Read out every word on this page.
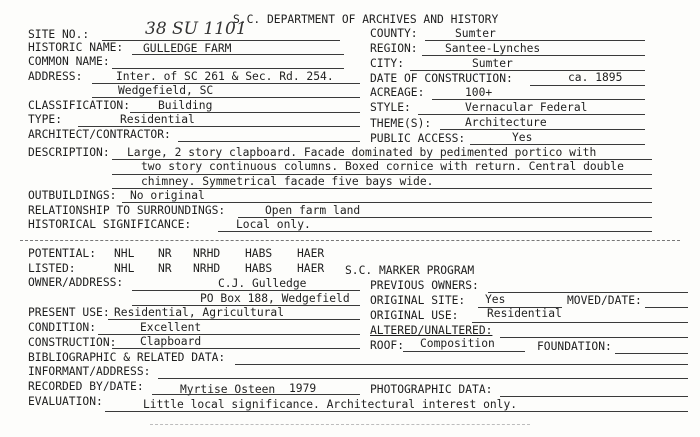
S.C. DEPARTMENT OF ARCHIVES AND HISTORY
SITE NO.:	38 SU 1101	COUNTY:	Sumter
HISTORIC NAME: GULLEDGE FARM	REGION: Santee-Lynches
COMMON NAME:	CITY:	Sumter
ADDRESS:	Inter. of SC 261 & Sec. Rd. 254.
Wedgefield, SC
DATE OF CONSTRUCTION:	ca. 1895
ACREAGE:	100+
CLASSIFICATION: Building	STYLE:	Vernacular Federal
TYPE:	Residential	THEME(S):	Architecture
ARCHITECT/CONTRACTOR:	PUBLIC ACCESS:	Yes
DESCRIPTION: Large, 2 story clapboard. Facade dominated by pedimented portico with
two story continuous columns. Boxed cornice with return. Central double
chimney. Symmetrical facade five bays wide.
OUTBUILDINGS: No original
RELATIONSHIP TO SURROUNDINGS:	Open farm land
HISTORICAL SIGNIFICANCE:	Local only.
POTENTIAL: NHL NR NRHD HABS HAER
LISTED:	NHL NR NRHD HABS HAER S.C. MARKER PROGRAM
OWNER/ADDRESS:	C.J. Gulledge
PO Box 188, Wedgefield
PREVIOUS OWNERS:
ORIGINAL SITE: Yes	MOVED/DATE:
PRESENT USE: Residential, Agricultural	ORIGINAL USE:	Residential
CONDITION:	Excellent	ALTERED/UNALTERED:
CONSTRUCTION: Clapboard	ROOF: Composition	FOUNDATION:
BIBLIOGRAPHIC & RELATED DATA:
INFORMANT/ADDRESS:
RECORDED BY/DATE:	Myrtise Osteen 1979	PHOTOGRAPHIC DATA:
EVALUATION:	Little local significance. Architectural interest only.
